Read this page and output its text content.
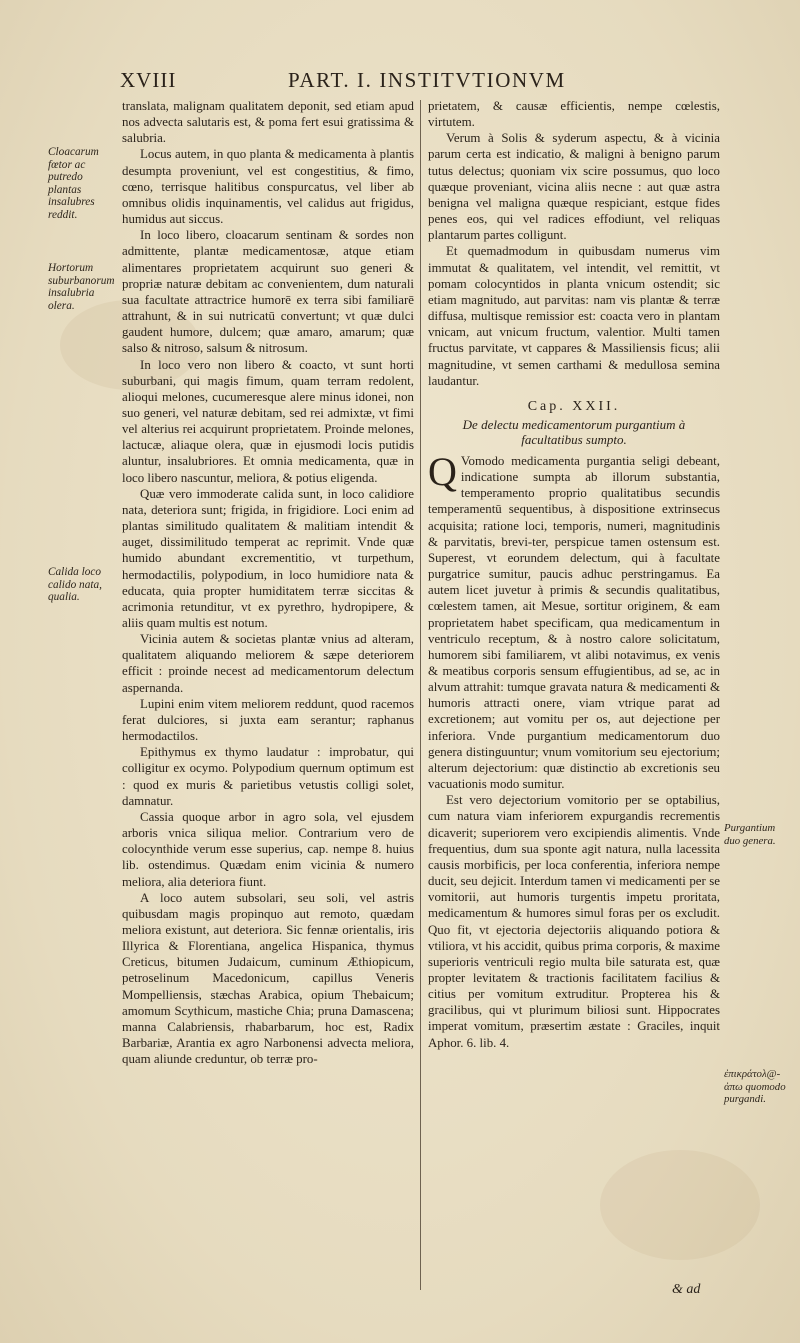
XVIII	PART. I. INSTITVTIONVM
Cloacarum fœtor ac putredo plantas insalubres reddit.
Hortorum suburbanorum insalubria olera.
Calida loco calido nata, qualia.
Purgantium duo genera.
ἐπικράτολ@- ἀπω quomodo purgandi.

translata, malignam qualitatem deponit, sed etiam apud nos advecta salutaris est, & poma fert esui gratissima & salubria.

Locus autem, in quo planta & medicamenta à plantis desumpta proveniunt, vel est congestitius, & fimo, cœno, terrisque halitibus conspurcatus, vel liber ab omnibus olidis inquinamentis, vel calidus aut frigidus, humidus aut siccus.

In loco libero, cloacarum sentinam & sordes non admittente, plantæ medicamentosæ, atque etiam alimentares proprietatem acquirunt suo generi & propriæ naturæ debitam ac convenientem, dum naturali sua facultate attractrice humorē ex terra sibi familiarē attrahunt, & in sui nutricatū convertunt; vt quæ dulci gaudent humore, dulcem; quæ amaro, amarum; quæ salso & nitroso, salsum & nitrosum.

In loco vero non libero & coacto, vt sunt horti suburbani, qui magis fimum, quam terram redolent, alioqui melones, cucumeresque alere minus idonei, non suo generi, vel naturæ debitam, sed rei admixtæ, vt fimi vel alterius rei acquirunt proprietatem. Proinde melones, lactucæ, aliaque olera, quæ in ejusmodi locis putidis aluntur, insalubriores. Et omnia medicamenta, quæ in loco libero nascuntur, meliora, & potius eligenda.

Quæ vero immoderate calida sunt, in loco calidiore nata, deteriora sunt; frigida, in frigidiore. Loci enim ad plantas similitudo qualitatem & malitiam intendit & auget, dissimilitudo temperat ac reprimit. Vnde quæ humido abundant excrementitio, vt turpethum, hermodactilis, polypodium, in loco humidiore nata & educata, quia propter humiditatem terræ siccitas & acrimonia retunditur, vt ex pyrethro, hydropipere, & aliis quam multis est notum.

Vicinia autem & societas plantæ vnius ad alteram, qualitatem aliquando meliorem & sæpe deteriorem efficit : proinde necest ad medicamentorum delectum aspernanda.

Lupini enim vitem meliorem reddunt, quod racemos ferat dulciores, si juxta eam serantur; raphanus hermodactilos.

Epithymus ex thymo laudatur : improbatur, qui colligitur ex ocymo. Polypodium quernum optimum est : quod ex muris & parietibus vetustis colligi solet, damnatur.

Cassia quoque arbor in agro sola, vel ejusdem arboris vnica siliqua melior. Contrarium vero de colocynthide verum esse superius, cap. nempe 8. huius lib. ostendimus. Quædam enim vicinia & numero meliora, alia deteriora fiunt.

A loco autem subsolari, seu soli, vel astris quibusdam magis propinquo aut remoto, quædam meliora existunt, aut deteriora. Sic fennæ orientalis, iris Illyrica & Florentiana, angelica Hispanica, thymus Creticus, bitumen Judaicum, cuminum Æthiopicum, petroselinum Macedonicum, capillus Veneris Mompelliensis, stæchas Arabica, opium Thebaicum; amomum Scythicum, mastiche Chia; pruna Damascena; manna Calabriensis, rhabarbarum, hoc est, Radix Barbariæ, Arantia ex agro Narbonensi advecta meliora, quam aliunde creduntur, ob terræ pro-

prietatem, & causæ efficientis, nempe cœlestis, virtutem.

Verum à Solis & syderum aspectu, & à vicinia parum certa est indicatio, & maligni à benigno parum tutus delectus; quoniam vix scire possumus, quo loco quæque proveniant, vicina aliis necne : aut quæ astra benigna vel maligna quæque respiciant, estque fides penes eos, qui vel radices effodiunt, vel reliquas plantarum partes colligunt.

Et quemadmodum in quibusdam numerus vim immutat & qualitatem, vel intendit, vel remittit, vt pomam colocyntidos in planta vnicum ostendit; sic etiam magnitudo, aut parvitas: nam vis plantæ & terræ diffusa, multisque remissior est: coacta vero in plantam vnicam, aut vnicum fructum, valentior. Multi tamen fructus parvitate, vt cappares & Massiliensis ficus; alii magnitudine, vt semen carthami & medullosa semina laudantur.

Cap. XXII.
De delectu medicamentorum purgantium à facultatibus sumpto.

Q Vomodo medicamenta purgantia seligi debeant, indicatione sumpta ab illorum substantia, temperamento proprio qualitatibus secundis temperamentū sequentibus, à dispositione extrinsecus acquisita; ratione loci, temporis, numeri, magnitudinis & parvitatis, brevi-ter, perspicue tamen ostensum est. Superest, vt eorundem delectum, qui à facultate purgatrice sumitur, paucis adhuc perstringamus. Ea autem licet juvetur à primis & secundis qualitatibus, cœlestem tamen, ait Mesue, sortitur originem, & eam proprietatem habet specificam, qua medicamentum in ventriculo receptum, & à nostro calore solicitatum, humorem sibi familiarem, vt alibi notavimus, ex venis & meatibus corporis sensum effugientibus, ad se, ac in alvum attrahit: tumque gravata natura & medicamenti & humoris attracti onere, viam vtrique parat ad excretionem; aut vomitu per os, aut dejectione per inferiora. Vnde purgantium medicamentorum duo genera distinguuntur; vnum vomitorium seu ejectorium; alterum dejectorium: quæ distinctio ab excretionis seu vacuationis modo sumitur.

Est vero dejectorium vomitorio per se optabilius, cum natura viam inferiorem expurgandis recrementis dicaverit; superiorem vero excipiendis alimentis. Vnde frequentius, dum sua sponte agit natura, nulla lacessita causis morbificis, per loca conferentia, inferiora nempe ducit, seu dejicit. Interdum tamen vi medicamenti per se vomitorii, aut humoris turgentis impetu proritata, medicamentum & humores simul foras per os excludit. Quo fit, vt ejectoria dejectoriis aliquando potiora & vtiliora, vt his accidit, quibus prima corporis, & maxime superioris ventriculi regio multa bile saturata est, quæ propter levitatem & tractionis facilitatem facilius & citius per vomitum extruditur. Propterea his & gracilibus, qui vt plurimum biliosi sunt. Hippocrates imperat vomitum, præsertim æstate : Graciles, inquit Aphor. 6. lib. 4.

& ad
